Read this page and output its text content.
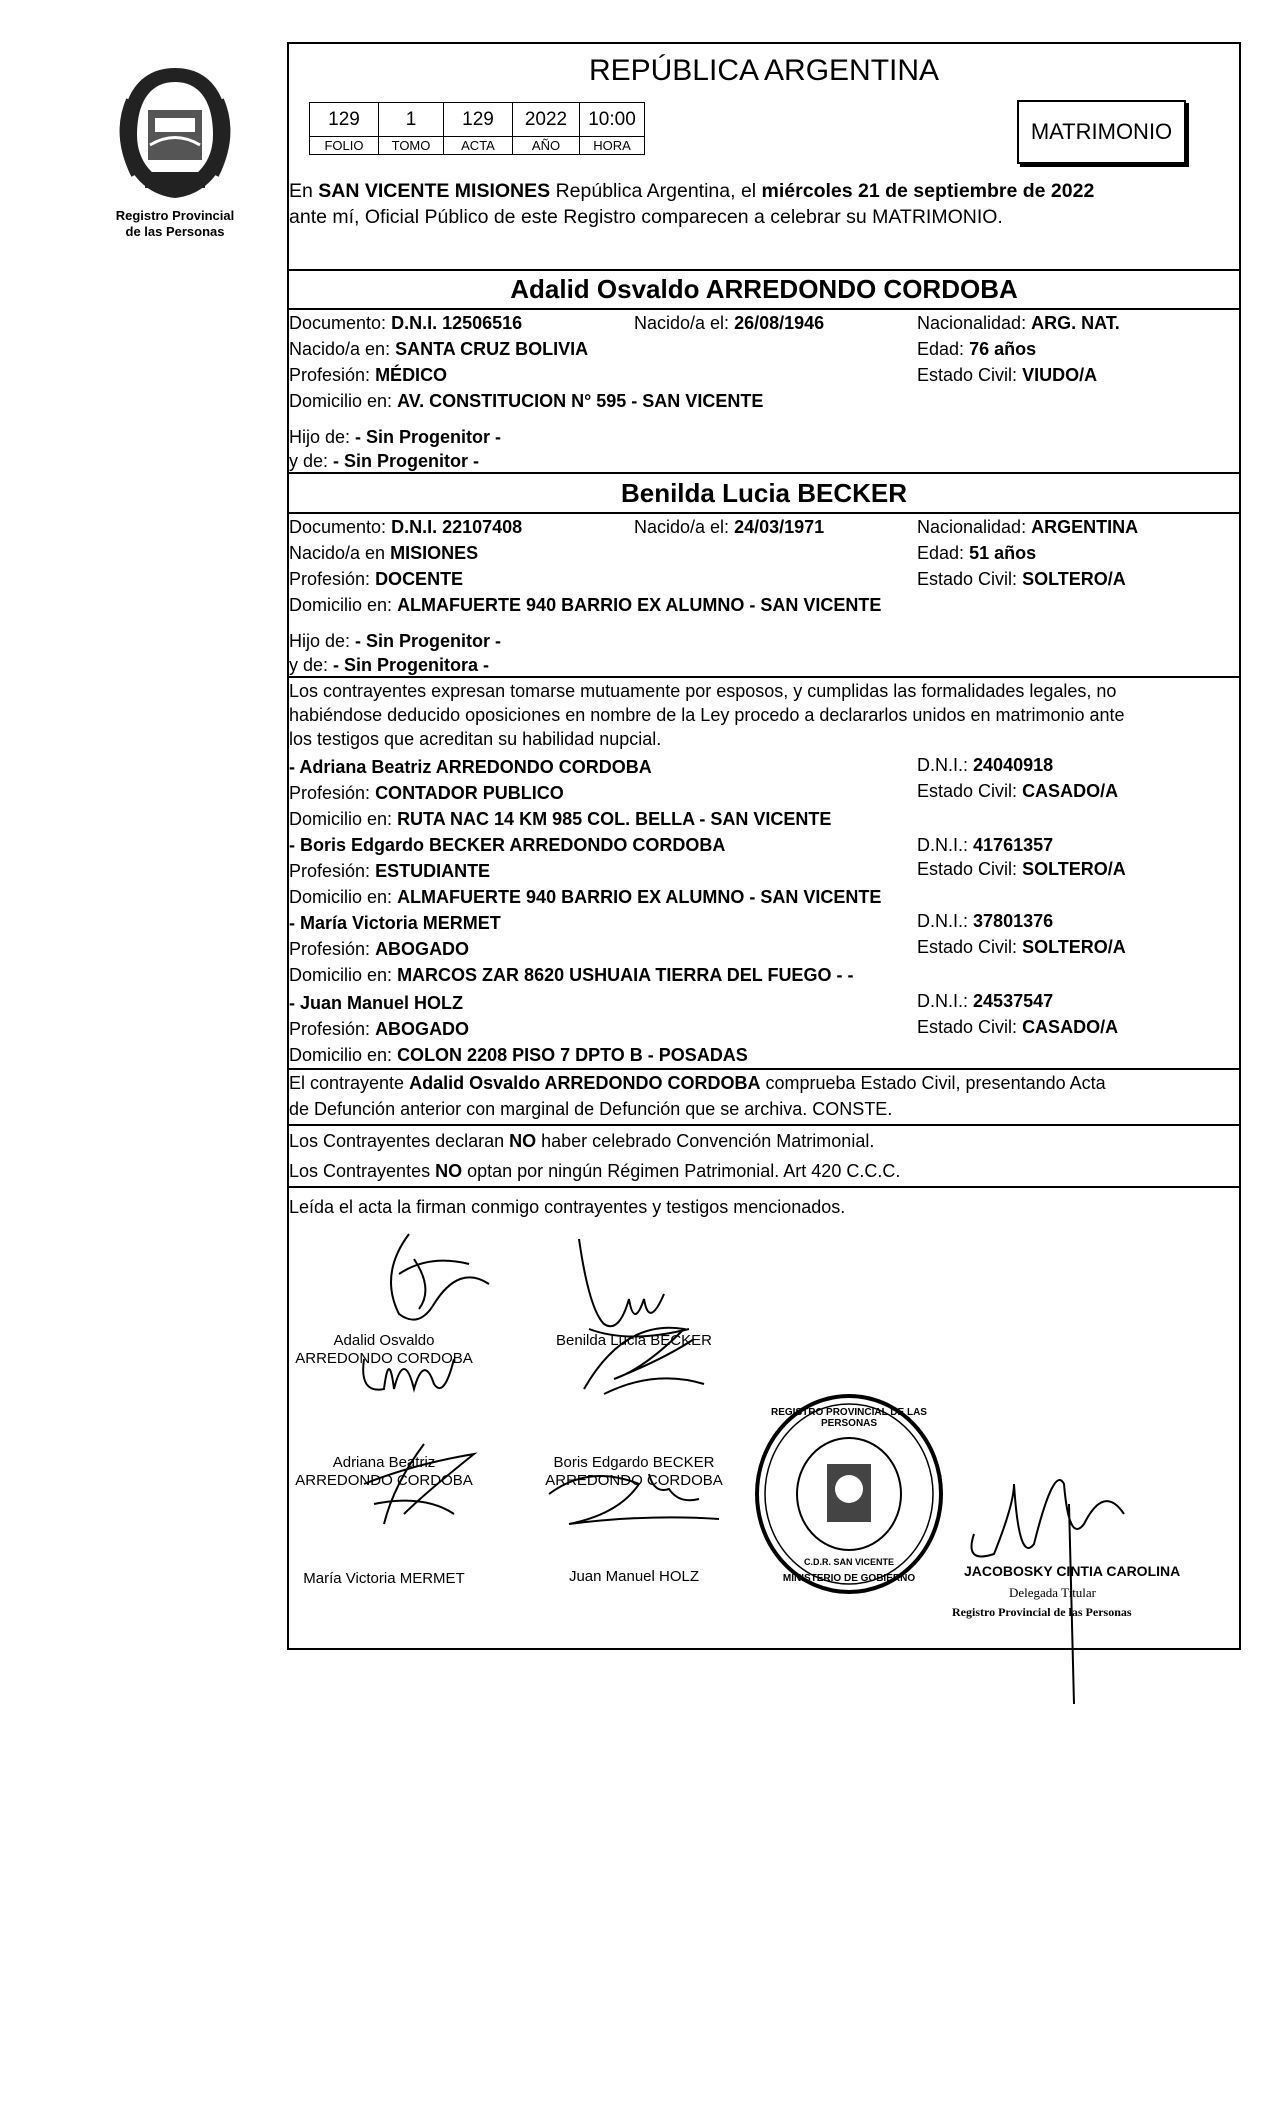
Registro Provincial
de las Personas
REPÚBLICA ARGENTINA
129	1	129	2022	10:00
FOLIO	TOMO	ACTA	AÑO	HORA
MATRIMONIO
En SAN VICENTE MISIONES República Argentina, el miércoles 21 de septiembre de 2022
ante mí, Oficial Público de este Registro comparecen a celebrar su MATRIMONIO.
Adalid Osvaldo ARREDONDO CORDOBA
Documento: D.N.I. 12506516	Nacido/a el: 26/08/1946	Nacionalidad: ARG. NAT.
Nacido/a en: SANTA CRUZ BOLIVIA	Edad: 76 años
Profesión: MÉDICO	Estado Civil: VIUDO/A
Domicilio en: AV. CONSTITUCION N° 595 - SAN VICENTE
Hijo de: - Sin Progenitor -
y de: - Sin Progenitor -
Benilda Lucia BECKER
Documento: D.N.I. 22107408	Nacido/a el: 24/03/1971	Nacionalidad: ARGENTINA
Nacido/a en MISIONES	Edad: 51 años
Profesión: DOCENTE	Estado Civil: SOLTERO/A
Domicilio en: ALMAFUERTE 940 BARRIO EX ALUMNO - SAN VICENTE
Hijo de: - Sin Progenitor -
y de: - Sin Progenitora -
Los contrayentes expresan tomarse mutuamente por esposos, y cumplidas las formalidades legales, no
habiéndose deducido oposiciones en nombre de la Ley procedo a declararlos unidos en matrimonio ante
los testigos que acreditan su habilidad nupcial.
- Adriana Beatriz ARREDONDO CORDOBA	D.N.I.: 24040918
Profesión: CONTADOR PUBLICO	Estado Civil: CASADO/A
Domicilio en: RUTA NAC 14 KM 985 COL. BELLA - SAN VICENTE
- Boris Edgardo BECKER ARREDONDO CORDOBA	D.N.I.: 41761357
Profesión: ESTUDIANTE	Estado Civil: SOLTERO/A
Domicilio en: ALMAFUERTE 940 BARRIO EX ALUMNO - SAN VICENTE
- María Victoria MERMET	D.N.I.: 37801376
Profesión: ABOGADO	Estado Civil: SOLTERO/A
Domicilio en: MARCOS ZAR 8620 USHUAIA TIERRA DEL FUEGO - -
- Juan Manuel HOLZ	D.N.I.: 24537547
Profesión: ABOGADO	Estado Civil: CASADO/A
Domicilio en: COLON 2208 PISO 7 DPTO B - POSADAS
El contrayente Adalid Osvaldo ARREDONDO CORDOBA comprueba Estado Civil, presentando Acta
de Defunción anterior con marginal de Defunción que se archiva. CONSTE.
Los Contrayentes declaran NO haber celebrado Convención Matrimonial.
Los Contrayentes NO optan por ningún Régimen Patrimonial. Art 420 C.C.C.
Leída el acta la firman conmigo contrayentes y testigos mencionados.
Adalid Osvaldo
ARREDONDO CORDOBA
Benilda Lucia BECKER
Adriana Beatriz
ARREDONDO CORDOBA
Boris Edgardo BECKER
ARREDONDO CORDOBA
María Victoria MERMET	Juan Manuel HOLZ
REGISTRO PROVINCIAL DE LAS PERSONAS
C.D.R. SAN VICENTE
MINISTERIO DE GOBIERNO	JACOBOSKY CINTIA CAROLINA
Delegada Titular
Registro Provincial de las Personas
